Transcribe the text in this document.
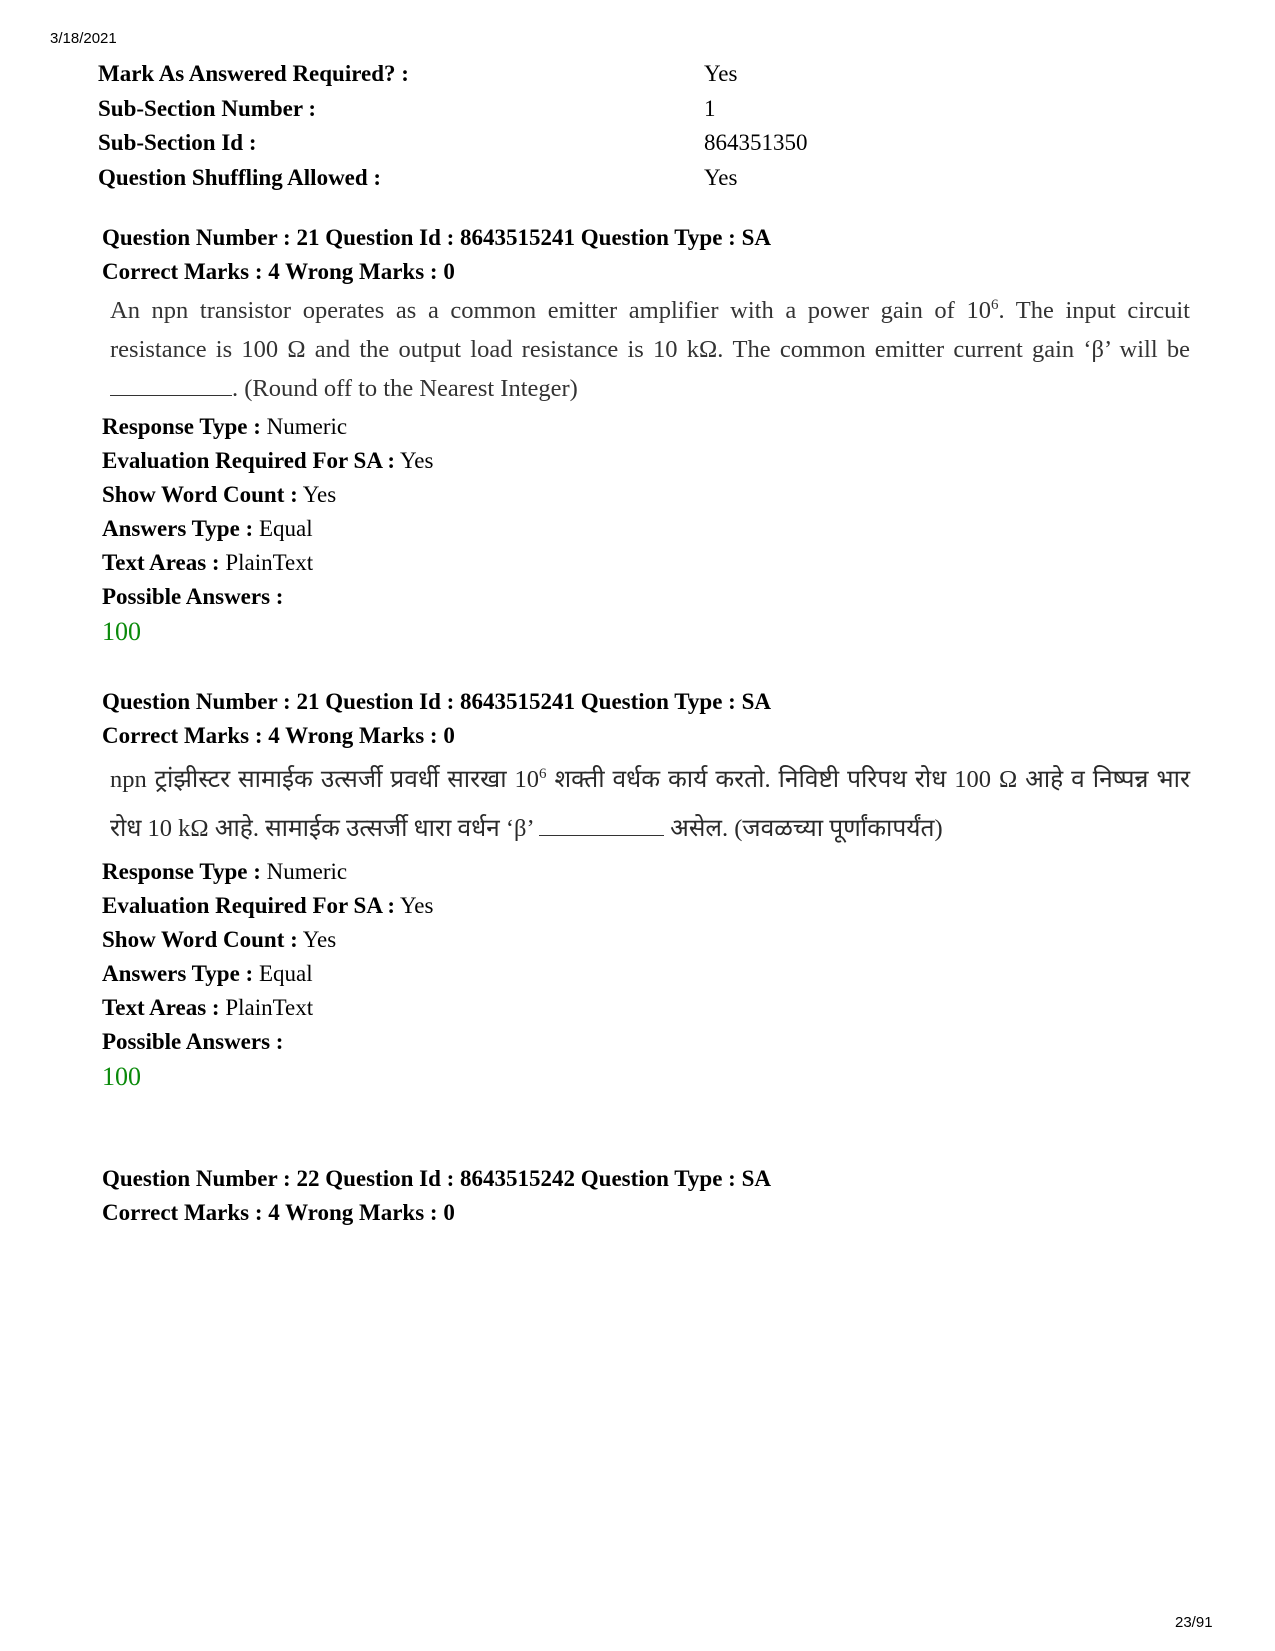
3/18/2021
Mark As Answered Required? :	Yes
Sub-Section Number :	1
Sub-Section Id :	864351350
Question Shuffling Allowed :	Yes
Question Number : 21 Question Id : 8643515241 Question Type : SA
Correct Marks : 4 Wrong Marks : 0
An npn transistor operates as a common emitter amplifier with a power gain of $10^6$. The input circuit resistance is 100 Ω and the output load resistance is 10 kΩ. The common emitter current gain ‘β’ will be . (Round off to the Nearest Integer)
Response Type : Numeric
Evaluation Required For SA : Yes
Show Word Count : Yes
Answers Type : Equal
Text Areas : PlainText
Possible Answers :
100
Question Number : 21 Question Id : 8643515241 Question Type : SA
Correct Marks : 4 Wrong Marks : 0
npn ट्रांझीस्टर सामाईक उत्सर्जी प्रवर्धी सारखा $10^6$ शक्ती वर्धक कार्य करतो. निविष्टी परिपथ रोध 100 Ω आहे व निष्पन्न भार रोध 10 kΩ आहे. सामाईक उत्सर्जी धारा वर्धन ‘β’	असेल. (जवळच्या पूर्णांकापर्यंत)
Response Type : Numeric
Evaluation Required For SA : Yes
Show Word Count : Yes
Answers Type : Equal
Text Areas : PlainText
Possible Answers :
100
Question Number : 22 Question Id : 8643515242 Question Type : SA
Correct Marks : 4 Wrong Marks : 0
23/91
